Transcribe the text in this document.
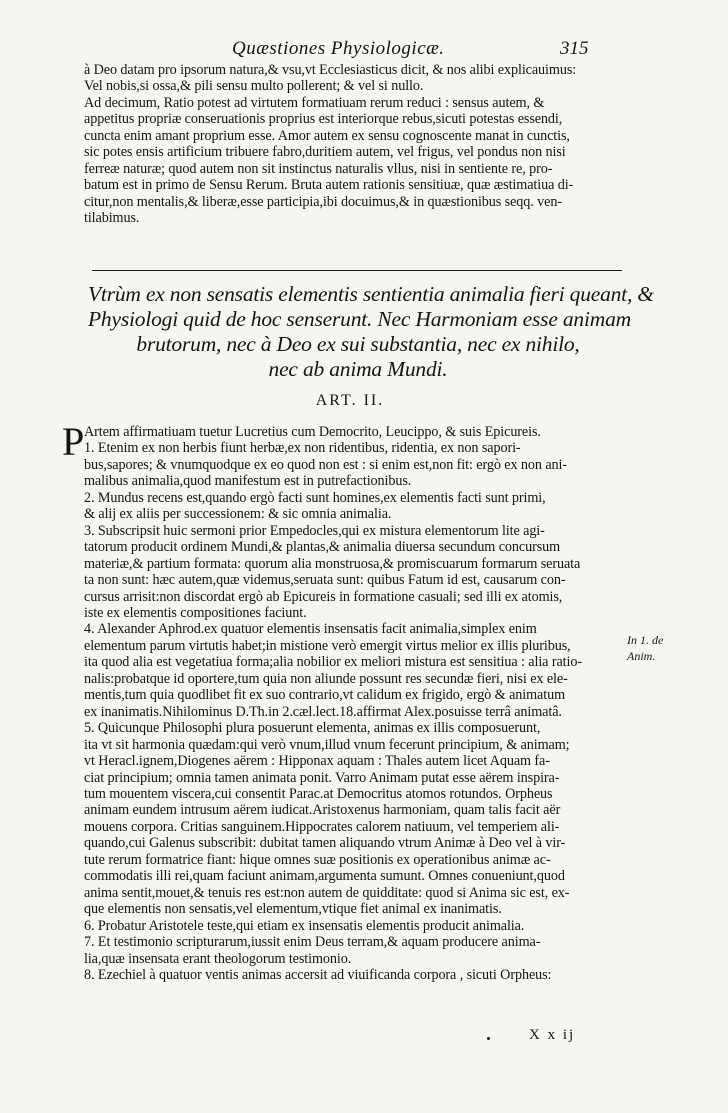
Quæstiones Physiologicæ.	315
à Deo datam pro ipsorum natura,& vsu,vt Ecclesiasticus dicit, & nos alibi explicauimus:
Vel nobis,si ossa,& pili sensu multo pollerent; & vel si nullo.
Ad decimum, Ratio potest ad virtutem formatiuam rerum reduci : sensus autem, &
appetitus propriæ conseruationis proprius est interiorque rebus,sicuti potestas essendi,
cuncta enim amant proprium esse. Amor autem ex sensu cognoscente manat in cunctis,
sic potes ensis artificium tribuere fabro,duritiem autem, vel frigus, vel pondus non nisi
ferreæ naturæ; quod autem non sit instinctus naturalis vllus, nisi in sentiente re, pro-
batum est in primo de Sensu Rerum. Bruta autem rationis sensitiuæ, quæ æstimatiua di-
citur,non mentalis,& liberæ,esse participia,ibi docuimus,& in quæstionibus seqq. ven-
tilabimus.
Vtrùm ex non sensatis elementis sentientia animalia fieri queant, &
Physiologi quid de hoc senserunt. Nec Harmoniam esse animam
brutorum, nec à Deo ex sui substantia, nec ex nihilo,
nec ab anima Mundi.
ART. II.
P Artem affirmatiuam tuetur Lucretius cum Democrito, Leucippo, & suis Epicureis.
1. Etenim ex non herbis fiunt herbæ,ex non ridentibus, ridentia, ex non sapori-
bus,sapores; & vnumquodque ex eo quod non est : si enim est,non fit: ergò ex non ani-
malibus animalia,quod manifestum est in putrefactionibus.
2. Mundus recens est,quando ergò facti sunt homines,ex elementis facti sunt primi,
& alij ex aliis per successionem: & sic omnia animalia.
3. Subscripsit huic sermoni prior Empedocles,qui ex mistura elementorum lite agi-
tatorum producit ordinem Mundi,& plantas,& animalia diuersa secundum concursum
materiæ,& partium formata: quorum alia monstruosa,& promiscuarum formarum seruata
ta non sunt: hæc autem,quæ videmus,seruata sunt: quibus Fatum id est, causarum con-
cursus arrisit:non discordat ergò ab Epicureis in formatione casuali; sed illi ex atomis,
iste ex elementis compositiones faciunt.
4. Alexander Aphrod.ex quatuor elementis insensatis facit animalia,simplex enim
elementum parum virtutis habet;in mistione verò emergit virtus melior ex illis pluribus,
ita quod alia est vegetatiua forma;alia nobilior ex meliori mistura est sensitiua : alia ratio-
nalis:probatque id oportere,tum quia non aliunde possunt res secundæ fieri, nisi ex ele-
mentis,tum quia quodlibet fit ex suo contrario,vt calidum ex frigido, ergò & animatum
ex inanimatis.Nihilominus D.Th.in 2.cæl.lect.18.affirmat Alex.posuisse terrâ animatâ.
5. Quicunque Philosophi plura posuerunt elementa, animas ex illis composuerunt,
ita vt sit harmonia quædam:qui verò vnum,illud vnum fecerunt principium, & animam;
vt Heracl.ignem,Diogenes aërem : Hipponax aquam : Thales autem licet Aquam fa-
ciat principium; omnia tamen animata ponit. Varro Animam putat esse aërem inspira-
tum mouentem viscera,cui consentit Parac.at Democritus atomos rotundos. Orpheus
animam eundem intrusum aërem iudicat.Aristoxenus harmoniam, quam talis facit aër
mouens corpora. Critias sanguinem.Hippocrates calorem natiuum, vel temperiem ali-
quando,cui Galenus subscribit: dubitat tamen aliquando vtrum Animæ à Deo vel à vir-
tute rerum formatrice fiant: hique omnes suæ positionis ex operationibus animæ ac-
commodatis illi rei,quam faciunt animam,argumenta sumunt. Omnes conueniunt,quod
anima sentit,mouet,& tenuis res est:non autem de quidditate: quod si Anima sic est, ex-
que elementis non sensatis,vel elementum,vtique fiet animal ex inanimatis.
6. Probatur Aristotele teste,qui etiam ex insensatis elementis producit animalia.
7. Et testimonio scripturarum,iussit enim Deus terram,& aquam producere anima-
lia,quæ insensata erant theologorum testimonio.
8. Ezechiel à quatuor ventis animas accersit ad viuificanda corpora , sicuti Orpheus:
In 1. de
Anim.
X x ij
